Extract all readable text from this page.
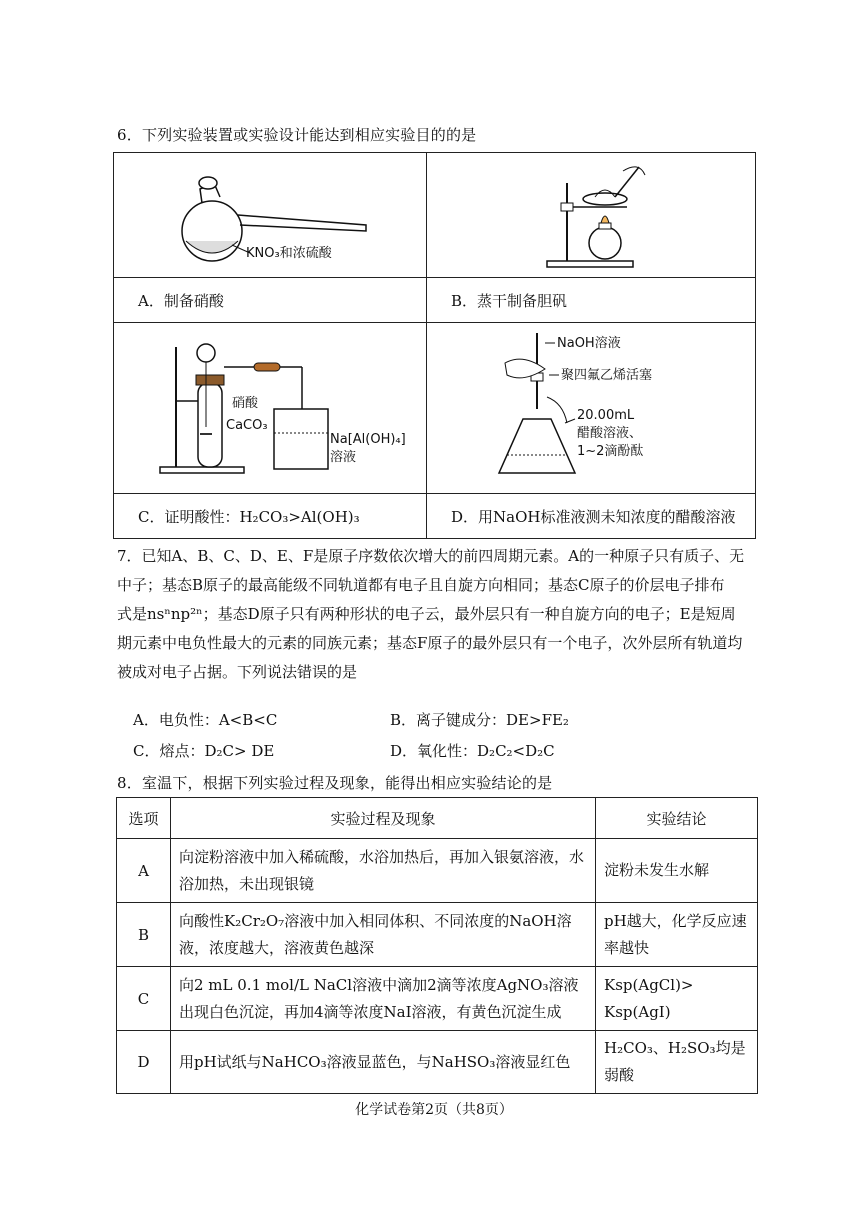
6．下列实验装置或实验设计能达到相应实验目的的是
KNO₃和浓硫酸

A．制备硝酸	B．蒸干制备胆矾

硝酸
CaCO₃
Na[Al(OH)₄]
溶液	NaOH溶液
聚四氟乙烯活塞
20.00mL
醋酸溶液、
1~2滴酚酞

C．证明酸性：H₂CO₃>Al(OH)₃	D．用NaOH标准液测未知浓度的醋酸溶液
7．已知A、B、C、D、E、F是原子序数依次增大的前四周期元素。A的一种原子只有质子、无
中子；基态B原子的最高能级不同轨道都有电子且自旋方向相同；基态C原子的价层电子排布
式是nsⁿnp²ⁿ；基态D原子只有两种形状的电子云，最外层只有一种自旋方向的电子；E是短周
期元素中电负性最大的元素的同族元素；基态F原子的最外层只有一个电子，次外层所有轨道均
被成对电子占据。下列说法错误的是
A．电负性：A<B<C	B．离子键成分：DE>FE₂
C．熔点：D₂C> DE	D．氧化性：D₂C₂<D₂C
8．室温下，根据下列实验过程及现象，能得出相应实验结论的是
选项	实验过程及现象	实验结论
A	向淀粉溶液中加入稀硫酸，水浴加热后，再加入银氨溶液，水浴加热，未出现银镜	淀粉未发生水解
B	向酸性K₂Cr₂O₇溶液中加入相同体积、不同浓度的NaOH溶液，浓度越大，溶液黄色越深	pH越大，化学反应速率越快
C	向2 mL 0.1 mol/L NaCl溶液中滴加2滴等浓度AgNO₃溶液出现白色沉淀，再加4滴等浓度NaI溶液，有黄色沉淀生成	Ksp(AgCl)> Ksp(AgI)
D	用pH试纸与NaHCO₃溶液显蓝色，与NaHSO₃溶液显红色	H₂CO₃、H₂SO₃均是弱酸
化学试卷第2页（共8页）
